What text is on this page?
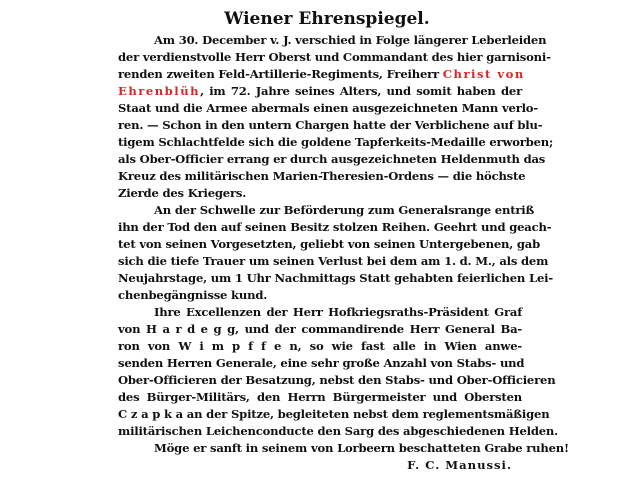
Wiener Ehrenspiegel.
Am 30. December v. J. verschied in Folge längerer Leberleiden
der verdienstvolle Herr Oberst und Commandant des hier garnisoni-
renden zweiten Feld-Artillerie-Regiments, Freiherr Christ von
Ehrenblüh, im 72. Jahre seines Alters, und somit haben der
Staat und die Armee abermals einen ausgezeichneten Mann verlo-
ren. — Schon in den untern Chargen hatte der Verblichene auf blu-
tigem Schlachtfelde sich die goldene Tapferkeits-Medaille erworben;
als Ober-Officier errang er durch ausgezeichneten Heldenmuth das
Kreuz des militärischen Marien-Theresien-Ordens — die höchste
Zierde des Kriegers.
An der Schwelle zur Beförderung zum Generalsrange entriß
ihn der Tod den auf seinen Besitz stolzen Reihen. Geehrt und geach-
tet von seinen Vorgesetzten, geliebt von seinen Untergebenen, gab
sich die tiefe Trauer um seinen Verlust bei dem am 1. d. M., als dem
Neujahrstage, um 1 Uhr Nachmittags Statt gehabten feierlichen Lei-
chenbegängnisse kund.
Ihre Excellenzen der Herr Hofkriegsraths-Präsident Graf
von H a r d e g g, und der commandirende Herr General Ba-
ron von W i m p f f e n, so wie fast alle in Wien anwe-
senden Herren Generale, eine sehr große Anzahl von Stabs- und
Ober-Officieren der Besatzung, nebst den Stabs- und Ober-Officieren
des Bürger-Militärs, den Herrn Bürgermeister und Obersten
C z a p k a an der Spitze, begleiteten nebst dem reglementsmäßigen
militärischen Leichenconducte den Sarg des abgeschiedenen Helden.
Möge er sanft in seinem von Lorbeern beschatteten Grabe ruhen!
F. C. Manussi.
